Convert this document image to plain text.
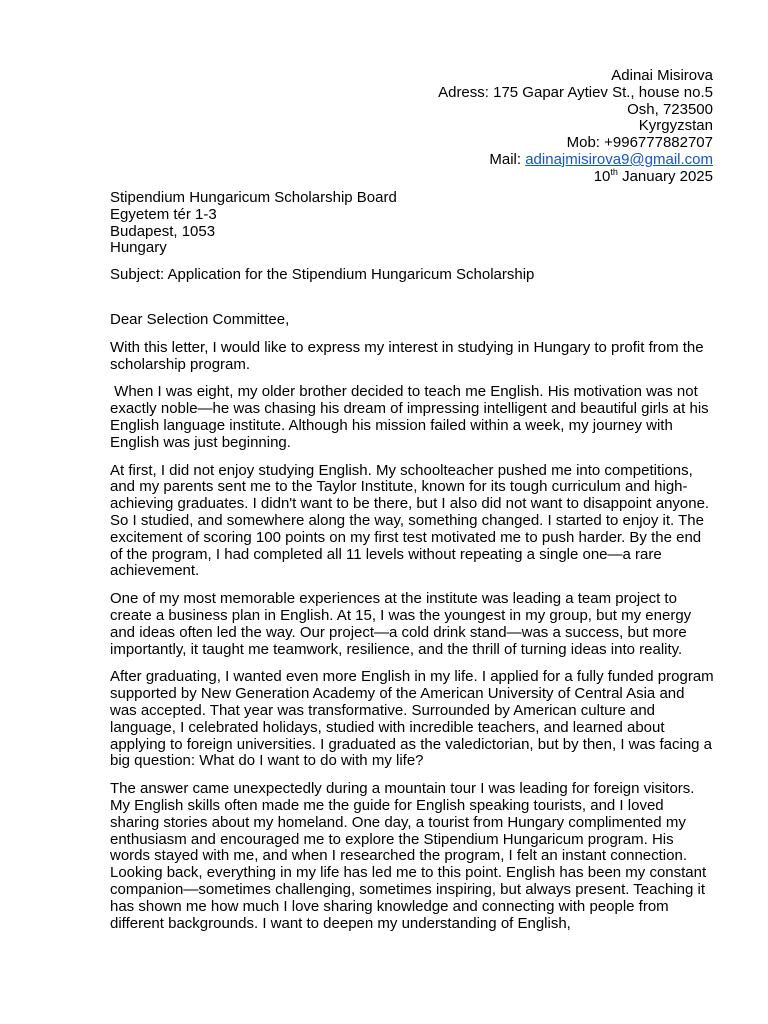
Adinai Misirova
Adress: 175 Gapar Aytiev St., house no.5
Osh, 723500
Kyrgyzstan
Mob: +996777882707
Mail: adinajmisirova9@gmail.com
10th January 2025
Stipendium Hungaricum Scholarship Board
Egyetem tér 1-3
Budapest, 1053
Hungary
Subject: Application for the Stipendium Hungaricum Scholarship

Dear Selection Committee,

With this letter, I would like to express my interest in studying in Hungary to profit from the scholarship program.

When I was eight, my older brother decided to teach me English. His motivation was not exactly noble—he was chasing his dream of impressing intelligent and beautiful girls at his English language institute. Although his mission failed within a week, my journey with English was just beginning.

At first, I did not enjoy studying English. My schoolteacher pushed me into competitions, and my parents sent me to the Taylor Institute, known for its tough curriculum and high-achieving graduates. I didn't want to be there, but I also did not want to disappoint anyone. So I studied, and somewhere along the way, something changed. I started to enjoy it. The excitement of scoring 100 points on my first test motivated me to push harder. By the end of the program, I had completed all 11 levels without repeating a single one—a rare achievement.

One of my most memorable experiences at the institute was leading a team project to create a business plan in English. At 15, I was the youngest in my group, but my energy and ideas often led the way. Our project—a cold drink stand—was a success, but more importantly, it taught me teamwork, resilience, and the thrill of turning ideas into reality.

After graduating, I wanted even more English in my life. I applied for a fully funded program supported by New Generation Academy of the American University of Central Asia and was accepted. That year was transformative. Surrounded by American culture and language, I celebrated holidays, studied with incredible teachers, and learned about applying to foreign universities. I graduated as the valedictorian, but by then, I was facing a big question: What do I want to do with my life?

The answer came unexpectedly during a mountain tour I was leading for foreign visitors. My English skills often made me the guide for English speaking tourists, and I loved sharing stories about my homeland. One day, a tourist from Hungary complimented my enthusiasm and encouraged me to explore the Stipendium Hungaricum program. His words stayed with me, and when I researched the program, I felt an instant connection. Looking back, everything in my life has led me to this point. English has been my constant companion—sometimes challenging, sometimes inspiring, but always present. Teaching it has shown me how much I love sharing knowledge and connecting with people from different backgrounds. I want to deepen my understanding of English,
